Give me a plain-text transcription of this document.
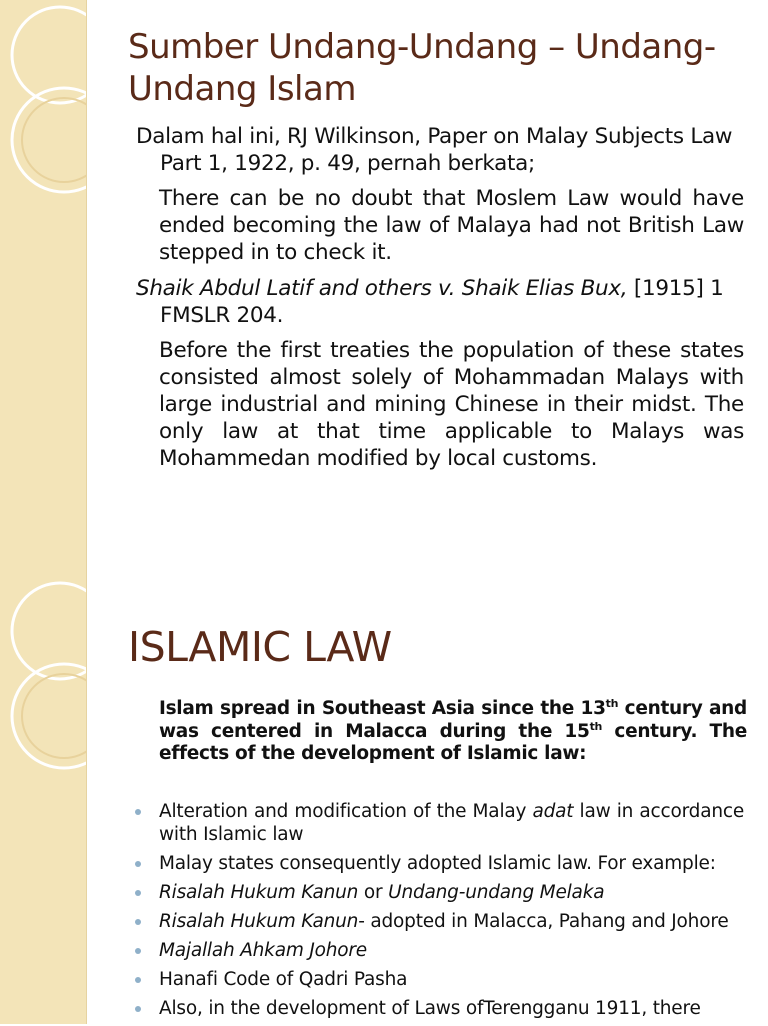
Sumber Undang-Undang – Undang-Undang Islam

Dalam hal ini, RJ Wilkinson, Paper on Malay Subjects Law Part 1, 1922, p. 49, pernah berkata;

There can be no doubt that Moslem Law would have ended becoming the law of Malaya had not British Law stepped in to check it.

Shaik Abdul Latif and others v. Shaik Elias Bux, [1915] 1 FMSLR 204.

Before the first treaties the population of these states consisted almost solely of Mohammadan Malays with large industrial and mining Chinese in their midst. The only law at that time applicable to Malays was Mohammedan modified by local customs.

ISLAMIC LAW

Islam spread in Southeast Asia since the 13th century and was centered in Malacca during the 15th century. The effects of the development of Islamic law:

Alteration and modification of the Malay adat law in accordance with Islamic law
Malay states consequently adopted Islamic law. For example:
Risalah Hukum Kanun or Undang-undang Melaka
Risalah Hukum Kanun- adopted in Malacca, Pahang and Johore
Majallah Ahkam Johore
Hanafi Code of Qadri Pasha
Also, in the development of Laws ofTerengganu 1911, there
